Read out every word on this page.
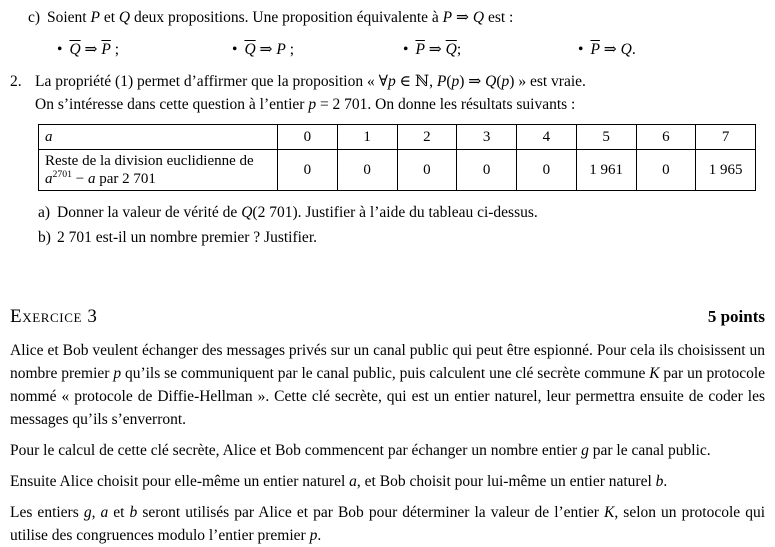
c) Soient P et Q deux propositions. Une proposition équivalente à P ⇒ Q est :
• $\overline{Q}$ ⇒ $\overline{P}$ ;	• $\overline{Q}$ ⇒ P ;	• $\overline{P}$ ⇒ $\overline{Q}$;	• $\overline{P}$ ⇒ Q.
2. La propriété (1) permet d’affirmer que la proposition « ∀p ∈ ℕ, P(p) ⇒ Q(p) » est vraie.
On s’intéresse dans cette question à l’entier p = 2 701. On donne les résultats suivants :
a	0	1	2	3	4	5	6	7
Reste de la division euclidienne de $a^{2701} - a$ par 2 701	0	0	0	0	0	1 961	0	1 965
a) Donner la valeur de vérité de Q(2 701). Justifier à l’aide du tableau ci-dessus.
b) 2 701 est-il un nombre premier ? Justifier.
Exercice 3	5 points

Alice et Bob veulent échanger des messages privés sur un canal public qui peut être espionné. Pour cela ils choisissent un nombre premier p qu’ils se communiquent par le canal public, puis calculent une clé secrète commune K par un protocole nommé « protocole de Diffie-Hellman ». Cette clé secrète, qui est un entier naturel, leur permettra ensuite de coder les messages qu’ils s’enverront.

Pour le calcul de cette clé secrète, Alice et Bob commencent par échanger un nombre entier g par le canal public.

Ensuite Alice choisit pour elle-même un entier naturel a, et Bob choisit pour lui-même un entier naturel b.

Les entiers g, a et b seront utilisés par Alice et par Bob pour déterminer la valeur de l’entier K, selon un protocole qui utilise des congruences modulo l’entier premier p.
